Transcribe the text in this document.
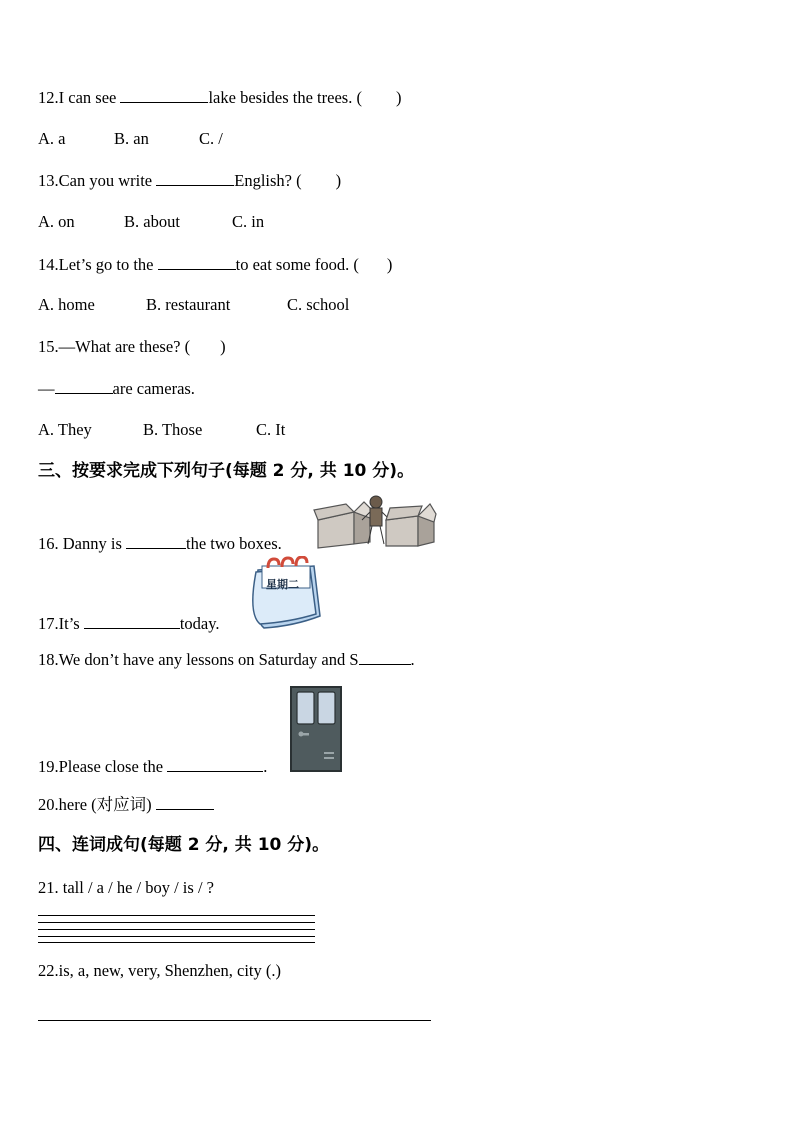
12.I can see	lake besides the trees. ( )
A. a	B. an	C. /
13.Can you write	English? ( )
A. on	B. about	C. in
14.Let’s go to the	to eat some food. ( )
A. home	B. restaurant	C. school
15.—What are these? ( )
—	are cameras.
A. They	B. Those	C. It
三、按要求完成下列句子(每题 2 分, 共 10 分)。
16. Danny is	the two boxes.
星期二
17.It’s	today.
18.We don’t have any lessons on Saturday and S	.
19.Please close the	.
20.here (对应词)
四、连词成句(每题 2 分, 共 10 分)。
21. tall / a / he / boy / is / ?
22.is, a, new, very, Shenzhen, city (.)
